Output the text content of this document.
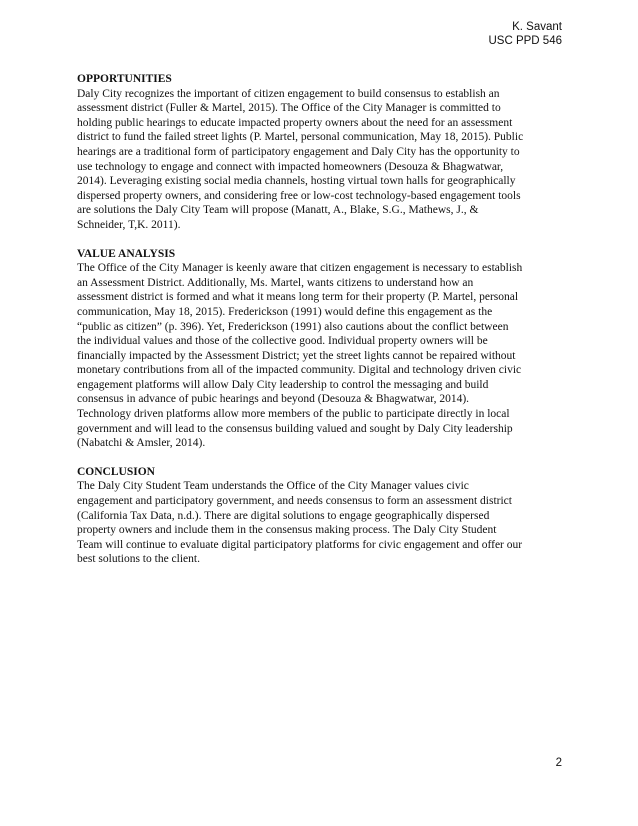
K. Savant
USC PPD 546
OPPORTUNITIES
Daly City recognizes the important of citizen engagement to build consensus to establish an
assessment district (Fuller & Martel, 2015). The Office of the City Manager is committed to
holding public hearings to educate impacted property owners about the need for an assessment
district to fund the failed street lights (P. Martel, personal communication, May 18, 2015). Public
hearings are a traditional form of participatory engagement and Daly City has the opportunity to
use technology to engage and connect with impacted homeowners (Desouza & Bhagwatwar,
2014). Leveraging existing social media channels, hosting virtual town halls for geographically
dispersed property owners, and considering free or low-cost technology-based engagement tools
are solutions the Daly City Team will propose (Manatt, A., Blake, S.G., Mathews, J., &
Schneider, T,K. 2011).
VALUE ANALYSIS
The Office of the City Manager is keenly aware that citizen engagement is necessary to establish
an Assessment District. Additionally, Ms. Martel, wants citizens to understand how an
assessment district is formed and what it means long term for their property (P. Martel, personal
communication, May 18, 2015). Frederickson (1991) would define this engagement as the
“public as citizen” (p. 396). Yet, Frederickson (1991) also cautions about the conflict between
the individual values and those of the collective good. Individual property owners will be
financially impacted by the Assessment District; yet the street lights cannot be repaired without
monetary contributions from all of the impacted community. Digital and technology driven civic
engagement platforms will allow Daly City leadership to control the messaging and build
consensus in advance of pubic hearings and beyond (Desouza & Bhagwatwar, 2014).
Technology driven platforms allow more members of the public to participate directly in local
government and will lead to the consensus building valued and sought by Daly City leadership
(Nabatchi & Amsler, 2014).
CONCLUSION
The Daly City Student Team understands the Office of the City Manager values civic
engagement and participatory government, and needs consensus to form an assessment district
(California Tax Data, n.d.). There are digital solutions to engage geographically dispersed
property owners and include them in the consensus making process. The Daly City Student
Team will continue to evaluate digital participatory platforms for civic engagement and offer our
best solutions to the client.
2
